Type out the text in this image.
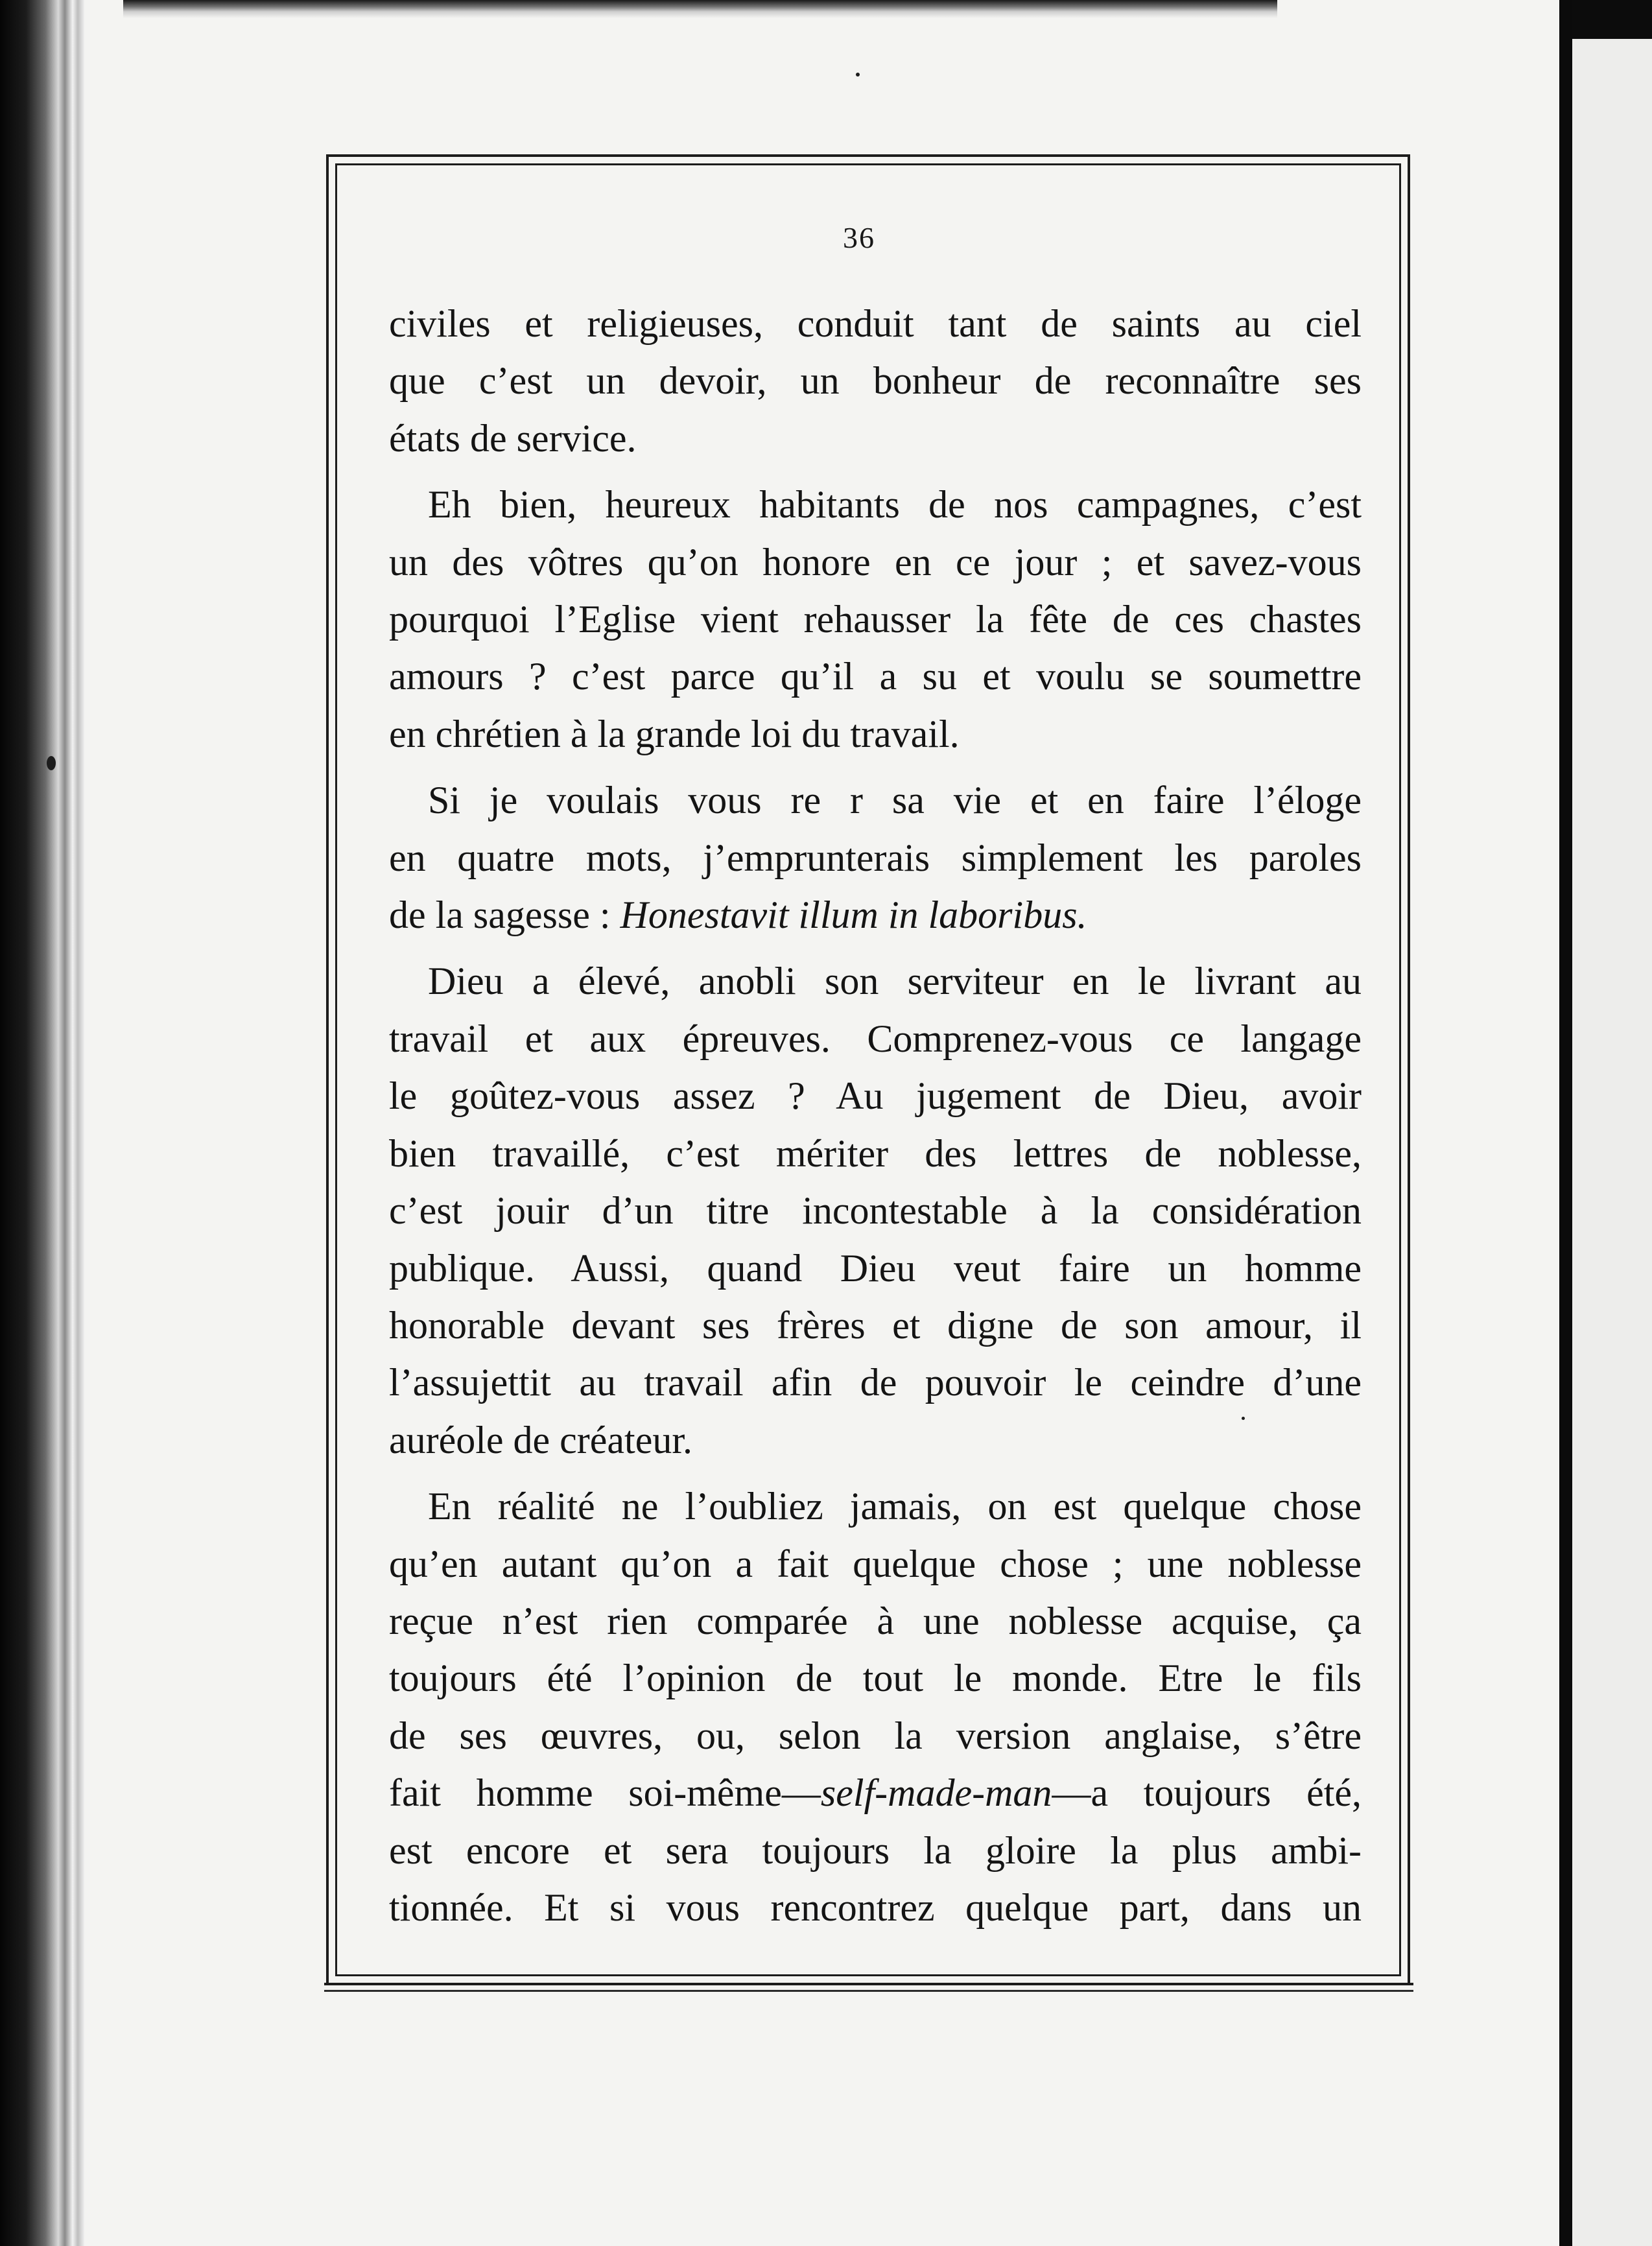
36
civiles et religieuses, conduit tant de saints au ciel
que c’est un devoir, un bonheur de reconnaître ses
états de service.
Eh bien, heureux habitants de nos campagnes, c’est
un des vôtres qu’on honore en ce jour ; et savez-vous
pourquoi l’Eglise vient rehausser la fête de ces chastes
amours ? c’est parce qu’il a su et voulu se soumettre
en chrétien à la grande loi du travail.
Si je voulais vous re r sa vie et en faire l’éloge
en quatre mots, j’emprunterais simplement les paroles
de la sagesse : Honestavit illum in laboribus.
Dieu a élevé, anobli son serviteur en le livrant au
travail et aux épreuves. Comprenez-vous ce langage
le goûtez-vous assez ? Au jugement de Dieu, avoir
bien travaillé, c’est mériter des lettres de noblesse,
c’est jouir d’un titre incontestable à la considération
publique. Aussi, quand Dieu veut faire un homme
honorable devant ses frères et digne de son amour, il
l’assujettit au travail afin de pouvoir le ceindre d’une
auréole de créateur.
En réalité ne l’oubliez jamais, on est quelque chose
qu’en autant qu’on a fait quelque chose ; une noblesse
reçue n’est rien comparée à une noblesse acquise, ça
toujours été l’opinion de tout le monde. Etre le fils
de ses œuvres, ou, selon la version anglaise, s’être
fait homme soi-même—self-made-man—a toujours été,
est encore et sera toujours la gloire la plus ambi-
tionnée. Et si vous rencontrez quelque part, dans un
